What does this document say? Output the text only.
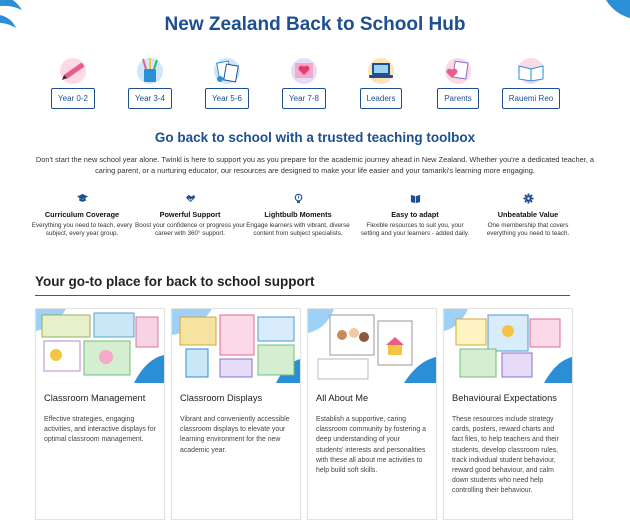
New Zealand Back to School Hub
Year 0-2	Year 3-4	Year 5-6	Year 7-8	Leaders	Parents	Rauemi Reo
Go back to school with a trusted teaching toolbox

Don't start the new school year alone. Twinkl is here to support you as you prepare for the academic journey ahead in New Zealand. Whether you're a dedicated teacher, a caring parent, or a nurturing educator, our resources are designed to make your life easier and your tamariki's learning more engaging.

Curriculum Coverage
Everything you need to teach, every subject, every year group.
Powerful Support
Boost your confidence or progress your career with 360° support.
Lightbulb Moments
Engage learners with vibrant, diverse content from subject specialists.
Easy to adapt
Flexible resources to suit you, your setting and your learners - added daily.
Unbeatable Value
One membership that covers everything you need to teach.
Your go-to place for back to school support
Classroom Management
Effective strategies, engaging activities, and interactive displays for optimal classroom management.
Classroom Displays
Vibrant and conveniently accessible classroom displays to elevate your learning environment for the new academic year.
All About Me
Establish a supportive, caring classroom community by fostering a deep understanding of your students' interests and personalities with these all about me activities to help build soft skills.
Behavioural Expectations
These resources include strategy cards, posters, reward charts and fact files, to help teachers and their students, develop classroom rules, track individual student behaviour, reward good behaviour, and calm down students who need help controlling their behaviour.
